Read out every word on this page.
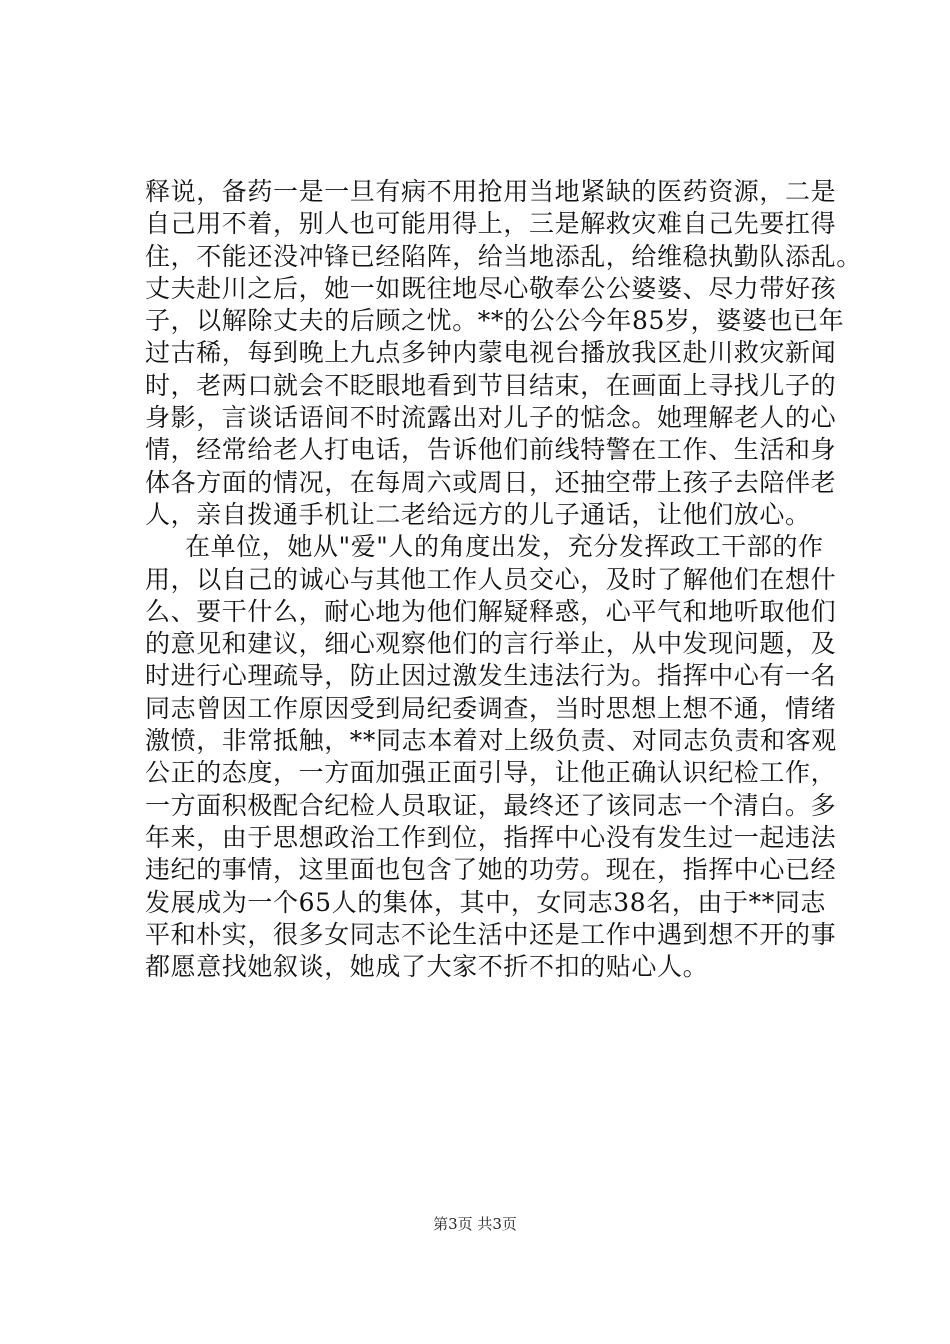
释说，备药一是一旦有病不用抢用当地紧缺的医药资源，二是
自己用不着，别人也可能用得上，三是解救灾难自己先要扛得
住，不能还没冲锋已经陷阵，给当地添乱，给维稳执勤队添乱。
丈夫赴川之后，她一如既往地尽心敬奉公公婆婆、尽力带好孩
子，以解除丈夫的后顾之忧。**的公公今年85岁，婆婆也已年
过古稀，每到晚上九点多钟内蒙电视台播放我区赴川救灾新闻
时，老两口就会不眨眼地看到节目结束，在画面上寻找儿子的
身影，言谈话语间不时流露出对儿子的惦念。她理解老人的心
情，经常给老人打电话，告诉他们前线特警在工作、生活和身
体各方面的情况，在每周六或周日，还抽空带上孩子去陪伴老
人，亲自拨通手机让二老给远方的儿子通话，让他们放心。
在单位，她从"爱"人的角度出发，充分发挥政工干部的作
用，以自己的诚心与其他工作人员交心，及时了解他们在想什
么、要干什么，耐心地为他们解疑释惑，心平气和地听取他们
的意见和建议，细心观察他们的言行举止，从中发现问题，及
时进行心理疏导，防止因过激发生违法行为。指挥中心有一名
同志曾因工作原因受到局纪委调查，当时思想上想不通，情绪
激愤，非常抵触，**同志本着对上级负责、对同志负责和客观
公正的态度，一方面加强正面引导，让他正确认识纪检工作，
一方面积极配合纪检人员取证，最终还了该同志一个清白。多
年来，由于思想政治工作到位，指挥中心没有发生过一起违法
违纪的事情，这里面也包含了她的功劳。现在，指挥中心已经
发展成为一个65人的集体，其中，女同志38名，由于**同志
平和朴实，很多女同志不论生活中还是工作中遇到想不开的事
都愿意找她叙谈，她成了大家不折不扣的贴心人。
第3页 共3页
